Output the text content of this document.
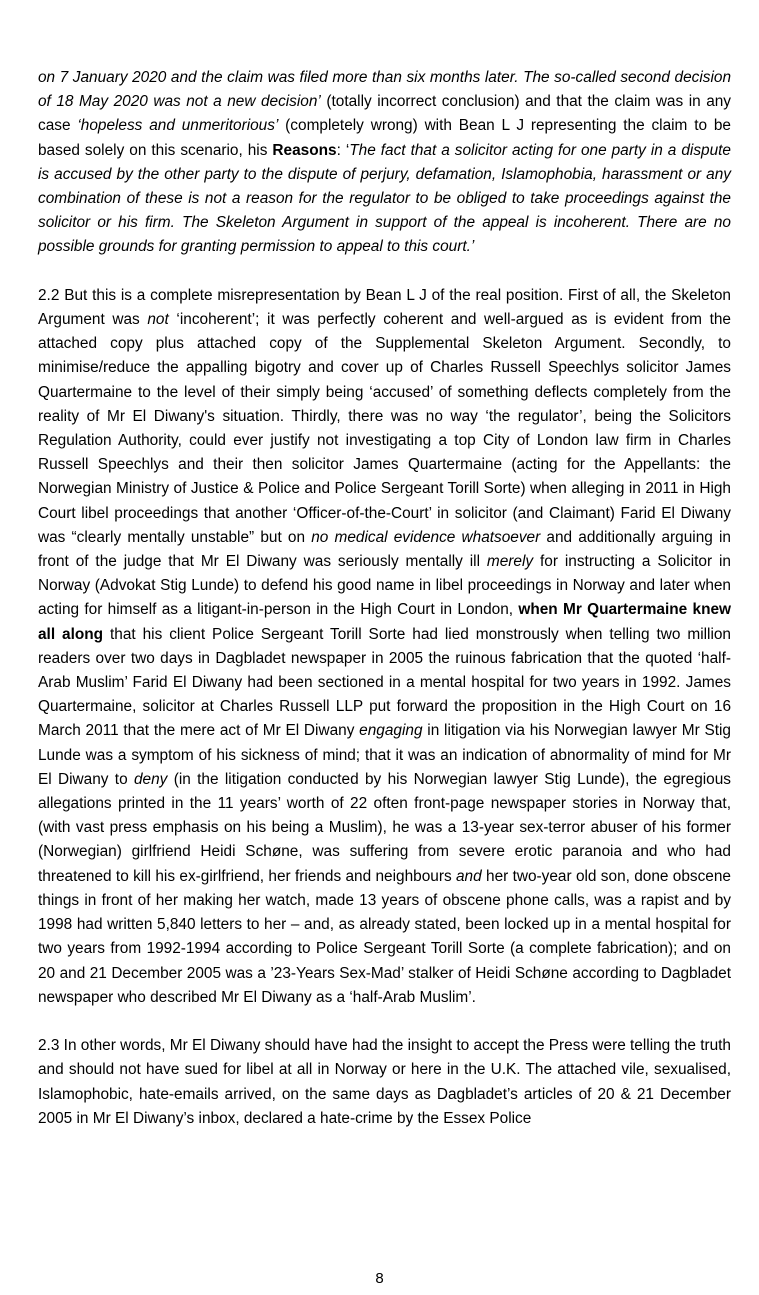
on 7 January 2020 and the claim was filed more than six months later. The so-called second decision of 18 May 2020 was not a new decision’ (totally incorrect conclusion) and that the claim was in any case ‘hopeless and unmeritorious’ (completely wrong) with Bean L J representing the claim to be based solely on this scenario, his Reasons: ‘The fact that a solicitor acting for one party in a dispute is accused by the other party to the dispute of perjury, defamation, Islamophobia, harassment or any combination of these is not a reason for the regulator to be obliged to take proceedings against the solicitor or his firm. The Skeleton Argument in support of the appeal is incoherent. There are no possible grounds for granting permission to appeal to this court.’

2.2 But this is a complete misrepresentation by Bean L J of the real position. First of all, the Skeleton Argument was not ‘incoherent’; it was perfectly coherent and well-argued as is evident from the attached copy plus attached copy of the Supplemental Skeleton Argument. Secondly, to minimise/reduce the appalling bigotry and cover up of Charles Russell Speechlys solicitor James Quartermaine to the level of their simply being ‘accused’ of something deflects completely from the reality of Mr El Diwany's situation. Thirdly, there was no way ‘the regulator’, being the Solicitors Regulation Authority, could ever justify not investigating a top City of London law firm in Charles Russell Speechlys and their then solicitor James Quartermaine (acting for the Appellants: the Norwegian Ministry of Justice & Police and Police Sergeant Torill Sorte) when alleging in 2011 in High Court libel proceedings that another ‘Officer-of-the-Court’ in solicitor (and Claimant) Farid El Diwany was “clearly mentally unstable” but on no medical evidence whatsoever and additionally arguing in front of the judge that Mr El Diwany was seriously mentally ill merely for instructing a Solicitor in Norway (Advokat Stig Lunde) to defend his good name in libel proceedings in Norway and later when acting for himself as a litigant-in-person in the High Court in London, when Mr Quartermaine knew all along that his client Police Sergeant Torill Sorte had lied monstrously when telling two million readers over two days in Dagbladet newspaper in 2005 the ruinous fabrication that the quoted ‘half-Arab Muslim’ Farid El Diwany had been sectioned in a mental hospital for two years in 1992. James Quartermaine, solicitor at Charles Russell LLP put forward the proposition in the High Court on 16 March 2011 that the mere act of Mr El Diwany engaging in litigation via his Norwegian lawyer Mr Stig Lunde was a symptom of his sickness of mind; that it was an indication of abnormality of mind for Mr El Diwany to deny (in the litigation conducted by his Norwegian lawyer Stig Lunde), the egregious allegations printed in the 11 years’ worth of 22 often front-page newspaper stories in Norway that, (with vast press emphasis on his being a Muslim), he was a 13-year sex-terror abuser of his former (Norwegian) girlfriend Heidi Schøne, was suffering from severe erotic paranoia and who had threatened to kill his ex-girlfriend, her friends and neighbours and her two-year old son, done obscene things in front of her making her watch, made 13 years of obscene phone calls, was a rapist and by 1998 had written 5,840 letters to her – and, as already stated, been locked up in a mental hospital for two years from 1992-1994 according to Police Sergeant Torill Sorte (a complete fabrication); and on 20 and 21 December 2005 was a ’23-Years Sex-Mad’ stalker of Heidi Schøne according to Dagbladet newspaper who described Mr El Diwany as a ‘half-Arab Muslim’.

2.3 In other words, Mr El Diwany should have had the insight to accept the Press were telling the truth and should not have sued for libel at all in Norway or here in the U.K. The attached vile, sexualised, Islamophobic, hate-emails arrived, on the same days as Dagbladet’s articles of 20 & 21 December 2005 in Mr El Diwany’s inbox, declared a hate-crime by the Essex Police

8
